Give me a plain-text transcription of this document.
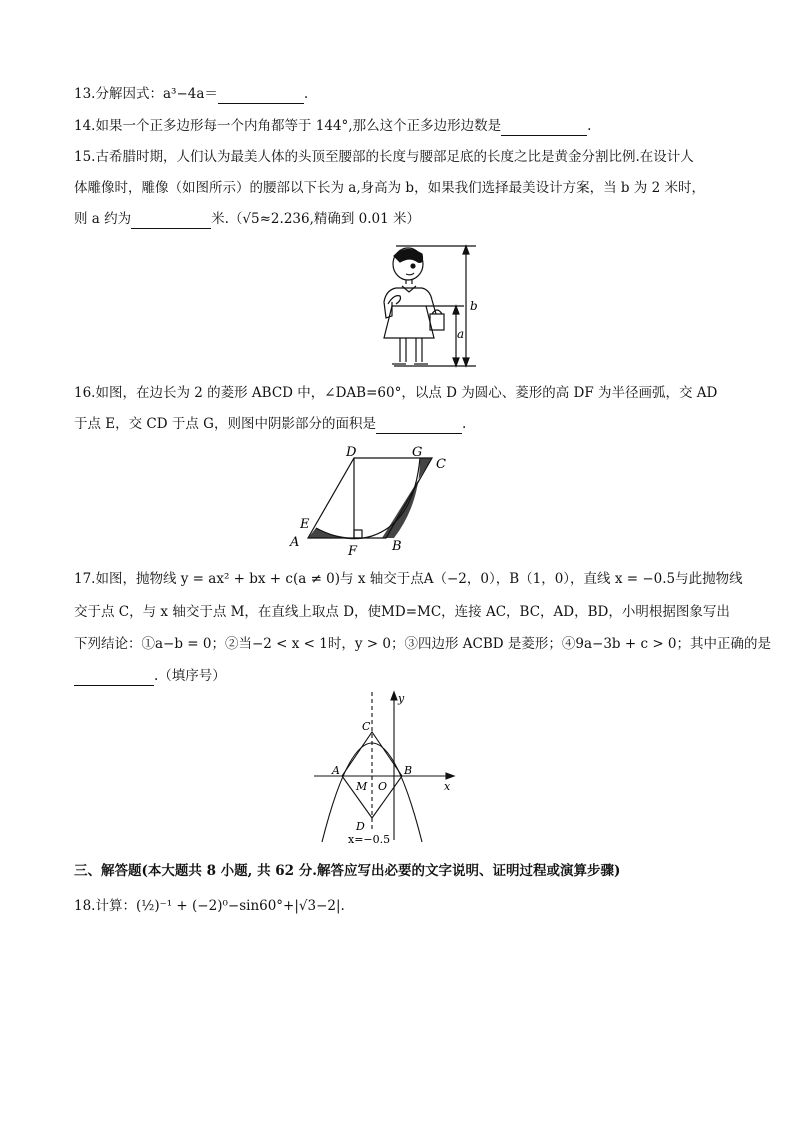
13.分解因式：a³−4a＝	.
14.如果一个正多边形每一个内角都等于 144°,那么这个正多边形边数是	.
15.古希腊时期，人们认为最美人体的头顶至腰部的长度与腰部足底的长度之比是黄金分割比例.在设计人
体雕像时，雕像（如图所示）的腰部以下长为 a,身高为 b，如果我们选择最美设计方案，当 b 为 2 米时，
则 a 约为	米.（√5≈2.236,精确到 0.01 米）
b
a
16.如图，在边长为 2 的菱形 ABCD 中，∠DAB=60°，以点 D 为圆心、菱形的高 DF 为半径画弧，交 AD
于点 E，交 CD 于点 G，则图中阴影部分的面积是	.
D	G
C
E
A
F	B
17.如图，抛物线 y = ax² + bx + c(a ≠ 0)与 x 轴交于点A（−2，0），B（1，0），直线 x = −0.5与此抛物线
交于点 C，与 x 轴交于点 M，在直线上取点 D，使MD=MC，连接 AC，BC，AD，BD，小明根据图象写出
下列结论：①a−b = 0；②当−2 < x < 1时，y > 0；③四边形 ACBD 是菱形；④9a−3b + c > 0；其中正确的是
.（填序号）
y
C
A	B
M O	x
D
x=−0.5
三、解答题(本大题共 8 小题, 共 62 分.解答应写出必要的文字说明、证明过程或演算步骤)
18.计算：(½)⁻¹ + (−2)⁰−sin60°+|√3−2|.
